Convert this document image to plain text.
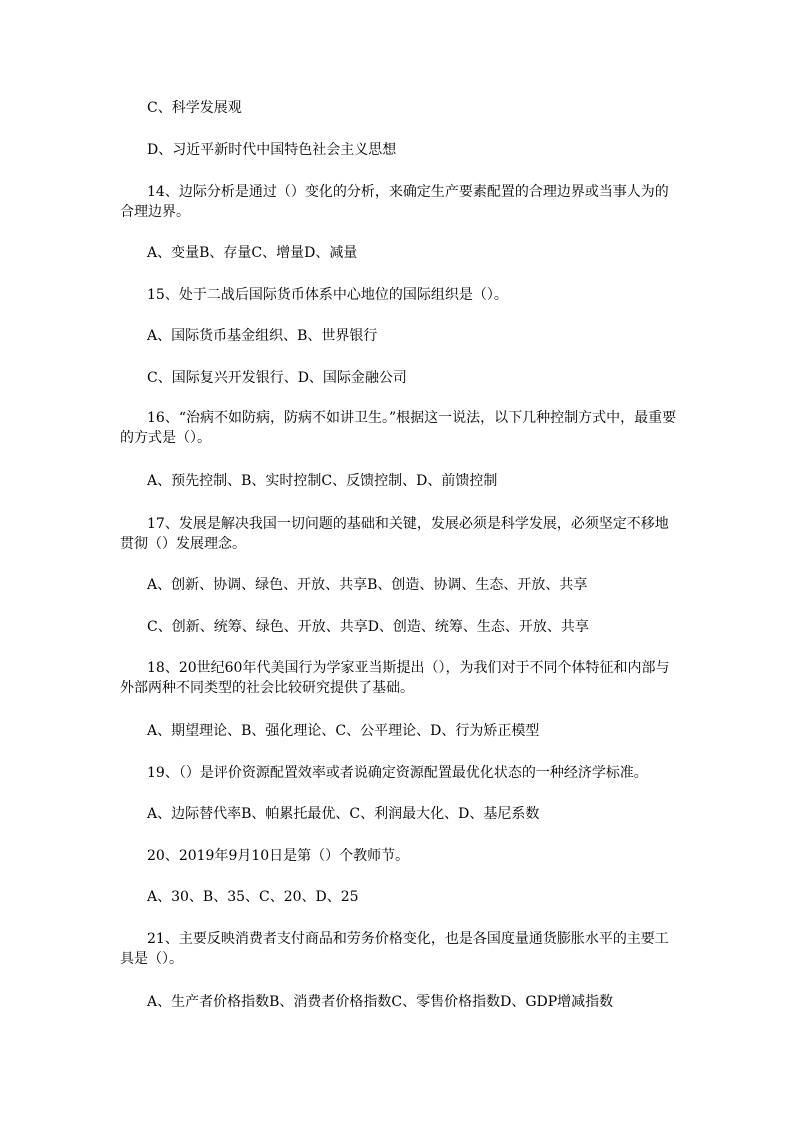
C、科学发展观
D、习近平新时代中国特色社会主义思想
14、边际分析是通过（）变化的分析，来确定生产要素配置的合理边界或当事人为的合理边界。
A、变量B、存量C、增量D、减量
15、处于二战后国际货币体系中心地位的国际组织是（）。
A、国际货币基金组织、B、世界银行
C、国际复兴开发银行、D、国际金融公司
16、“治病不如防病，防病不如讲卫生。”根据这一说法，以下几种控制方式中，最重要的方式是（）。
A、预先控制、B、实时控制C、反馈控制、D、前馈控制
17、发展是解决我国一切问题的基础和关键，发展必须是科学发展，必须坚定不移地贯彻（）发展理念。
A、创新、协调、绿色、开放、共享B、创造、协调、生态、开放、共享
C、创新、统筹、绿色、开放、共享D、创造、统筹、生态、开放、共享
18、20世纪60年代美国行为学家亚当斯提出（），为我们对于不同个体特征和内部与外部两种不同类型的社会比较研究提供了基础。
A、期望理论、B、强化理论、C、公平理论、D、行为矫正模型
19、（）是评价资源配置效率或者说确定资源配置最优化状态的一种经济学标准。
A、边际替代率B、帕累托最优、C、利润最大化、D、基尼系数
20、2019年9月10日是第（）个教师节。
A、30、B、35、C、20、D、25
21、主要反映消费者支付商品和劳务价格变化，也是各国度量通货膨胀水平的主要工具是（）。
A、生产者价格指数B、消费者价格指数C、零售价格指数D、GDP增减指数
